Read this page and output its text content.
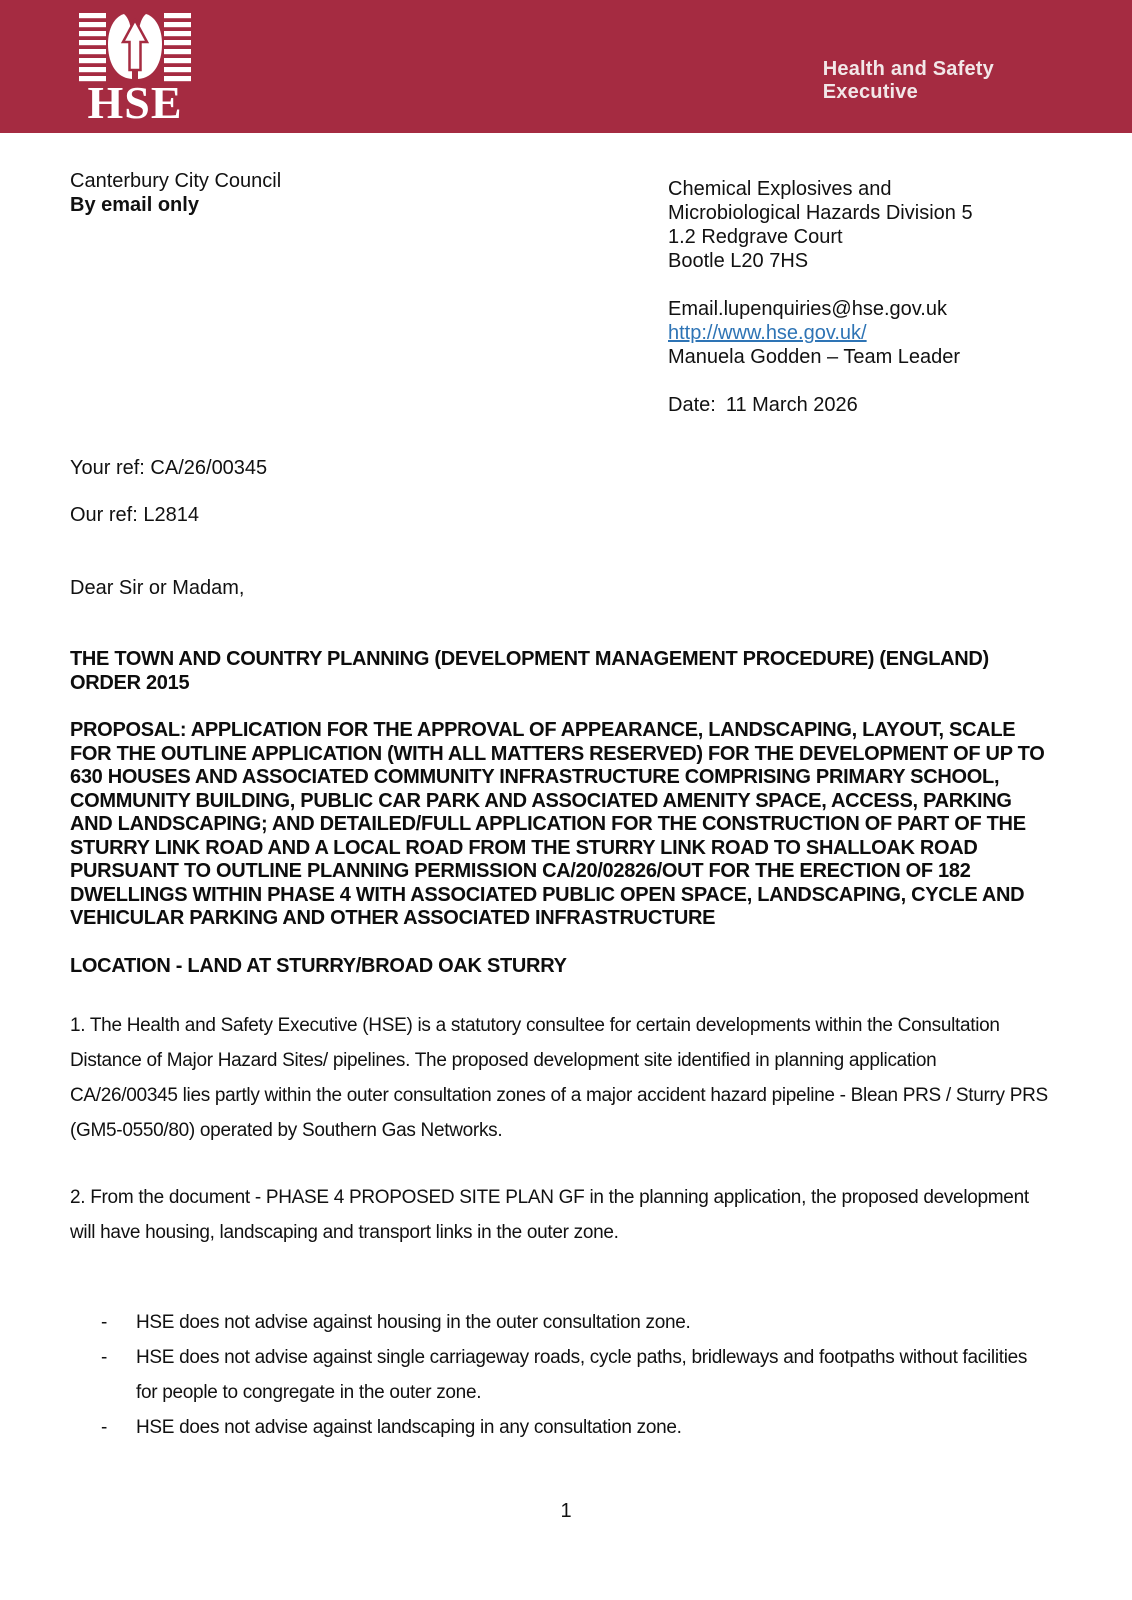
HSE
Health and Safety
Executive
Canterbury City Council
By email only
Chemical Explosives and
Microbiological Hazards Division 5
1.2 Redgrave Court
Bootle L20 7HS
Email.lupenquiries@hse.gov.uk
http://www.hse.gov.uk/
Manuela Godden – Team Leader
Date: 11 March 2026
Your ref: CA/26/00345
Our ref: L2814
Dear Sir or Madam,
THE TOWN AND COUNTRY PLANNING (DEVELOPMENT MANAGEMENT PROCEDURE) (ENGLAND) ORDER 2015
PROPOSAL: APPLICATION FOR THE APPROVAL OF APPEARANCE, LANDSCAPING, LAYOUT, SCALE FOR THE OUTLINE APPLICATION (WITH ALL MATTERS RESERVED) FOR THE DEVELOPMENT OF UP TO 630 HOUSES AND ASSOCIATED COMMUNITY INFRASTRUCTURE COMPRISING PRIMARY SCHOOL, COMMUNITY BUILDING, PUBLIC CAR PARK AND ASSOCIATED AMENITY SPACE, ACCESS, PARKING AND LANDSCAPING; AND DETAILED/FULL APPLICATION FOR THE CONSTRUCTION OF PART OF THE STURRY LINK ROAD AND A LOCAL ROAD FROM THE STURRY LINK ROAD TO SHALLOAK ROAD PURSUANT TO OUTLINE PLANNING PERMISSION CA/20/02826/OUT FOR THE ERECTION OF 182 DWELLINGS WITHIN PHASE 4 WITH ASSOCIATED PUBLIC OPEN SPACE, LANDSCAPING, CYCLE AND VEHICULAR PARKING AND OTHER ASSOCIATED INFRASTRUCTURE
LOCATION - LAND AT STURRY/BROAD OAK STURRY
1. The Health and Safety Executive (HSE) is a statutory consultee for certain developments within the Consultation Distance of Major Hazard Sites/ pipelines. The proposed development site identified in planning application CA/26/00345 lies partly within the outer consultation zones of a major accident hazard pipeline - Blean PRS / Sturry PRS (GM5-0550/80) operated by Southern Gas Networks.
2. From the document - PHASE 4 PROPOSED SITE PLAN GF in the planning application, the proposed development will have housing, landscaping and transport links in the outer zone.
-	HSE does not advise against housing in the outer consultation zone.
-	HSE does not advise against single carriageway roads, cycle paths, bridleways and footpaths without facilities for people to congregate in the outer zone.
-	HSE does not advise against landscaping in any consultation zone.
1
